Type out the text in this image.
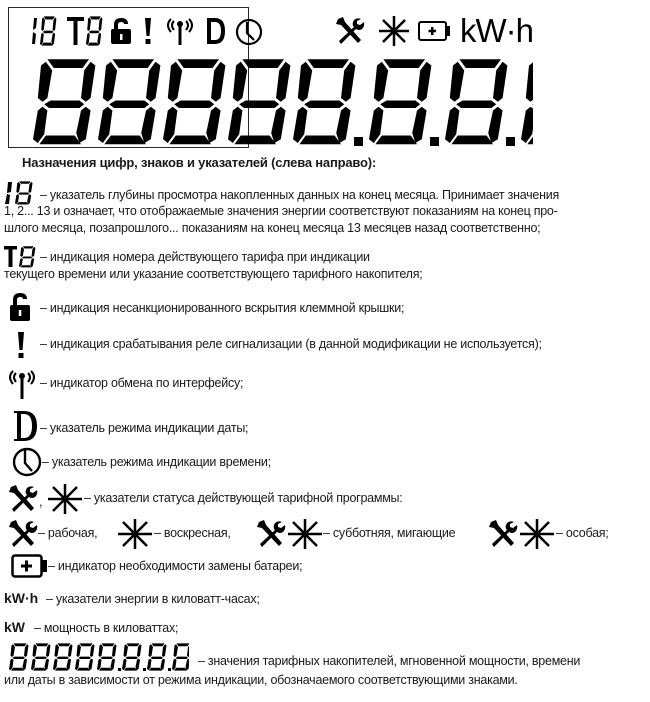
kW·h
Назначения цифр, знаков и указателей (слева направо):
– указатель глубины просмотра накопленных данных на конец месяца. Принимает значения
1, 2... 13 и означает, что отображаемые значения энергии соответствуют показаниям на конец про-
шлого месяца, позапрошлого... показаниям на конец месяца 13 месяцев назад соответственно;
– индикация номера действующего тарифа при индикации
текущего времени или указание соответствующего тарифного накопителя;
– индикация несанкционированного вскрытия клеммной крышки;
– индикация срабатывания реле сигнализации (в данной модификации не используется);
– индикатор обмена по интерфейсу;
– указатель режима индикации даты;
– указатель режима индикации времени;
,	– указатели статуса действующей тарифной программы:
– рабочая,	– воскресная,	– субботняя, мигающие	– особая;
– индикатор необходимости замены батареи;
kW·h – указатели энергии в киловатт-часах;
kW – мощность в киловаттах;
– значения тарифных накопителей, мгновенной мощности, времени
или даты в зависимости от режима индикации, обозначаемого соответствующими знаками.
